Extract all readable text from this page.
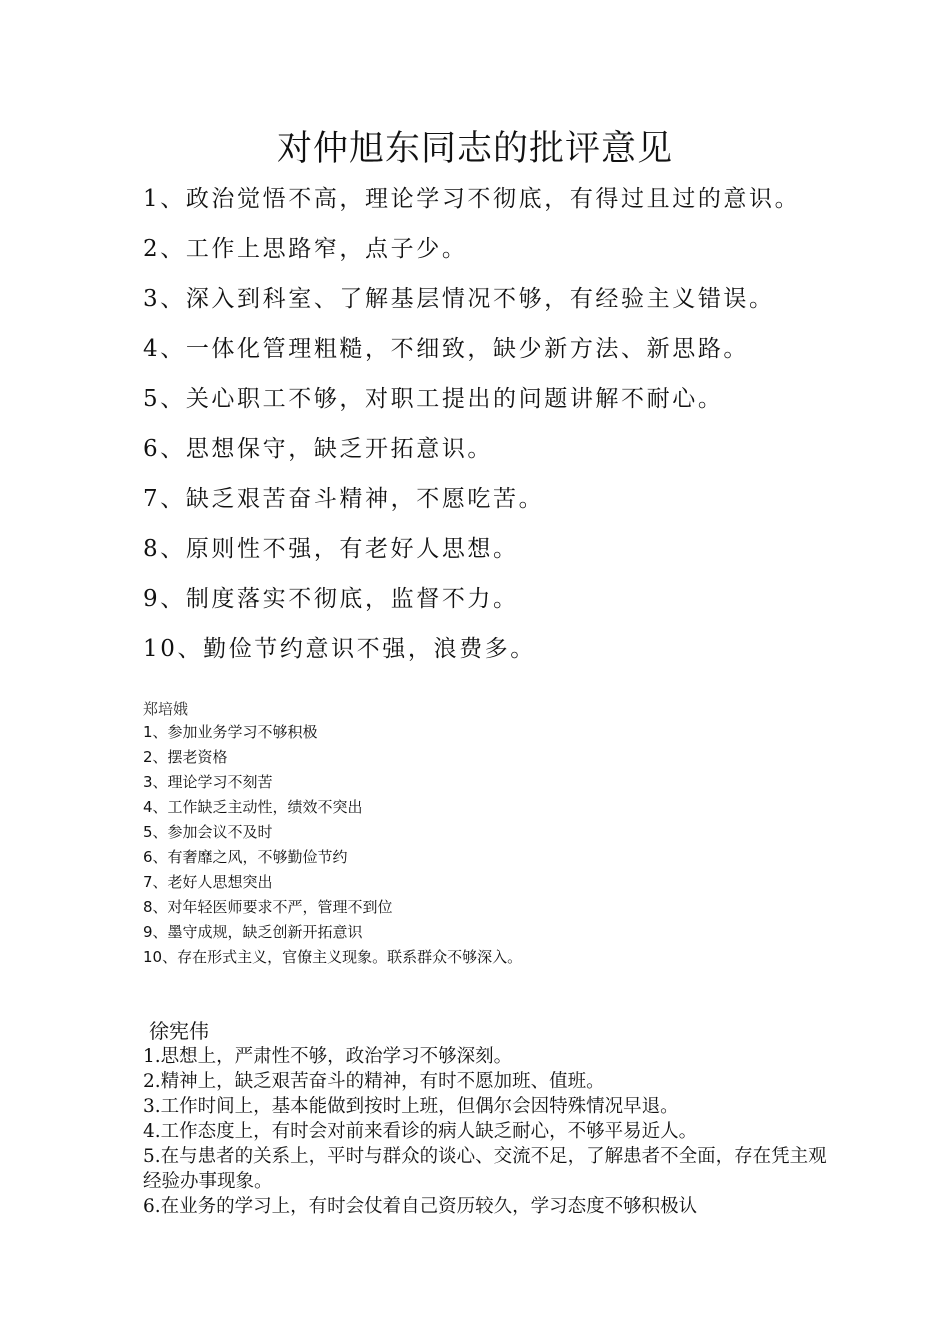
对仲旭东同志的批评意见
1、政治觉悟不高，理论学习不彻底，有得过且过的意识。
2、工作上思路窄，点子少。
3、深入到科室、了解基层情况不够，有经验主义错误。
4、一体化管理粗糙，不细致，缺少新方法、新思路。
5、关心职工不够，对职工提出的问题讲解不耐心。
6、思想保守，缺乏开拓意识。
7、缺乏艰苦奋斗精神，不愿吃苦。
8、原则性不强，有老好人思想。
9、制度落实不彻底，监督不力。
10、勤俭节约意识不强，浪费多。
郑培娥
1、参加业务学习不够积极
2、摆老资格
3、理论学习不刻苦
4、工作缺乏主动性，绩效不突出
5、参加会议不及时
6、有奢靡之风，不够勤俭节约
7、老好人思想突出
8、对年轻医师要求不严，管理不到位
9、墨守成规，缺乏创新开拓意识
10、存在形式主义，官僚主义现象。联系群众不够深入。
徐宪伟
1.思想上，严肃性不够，政治学习不够深刻。
2.精神上，缺乏艰苦奋斗的精神，有时不愿加班、值班。
3.工作时间上，基本能做到按时上班，但偶尔会因特殊情况早退。
4.工作态度上，有时会对前来看诊的病人缺乏耐心，不够平易近人。
5.在与患者的关系上，平时与群众的谈心、交流不足，了解患者不全面，存在凭主观经验办事现象。
6.在业务的学习上，有时会仗着自己资历较久，学习态度不够积极认
